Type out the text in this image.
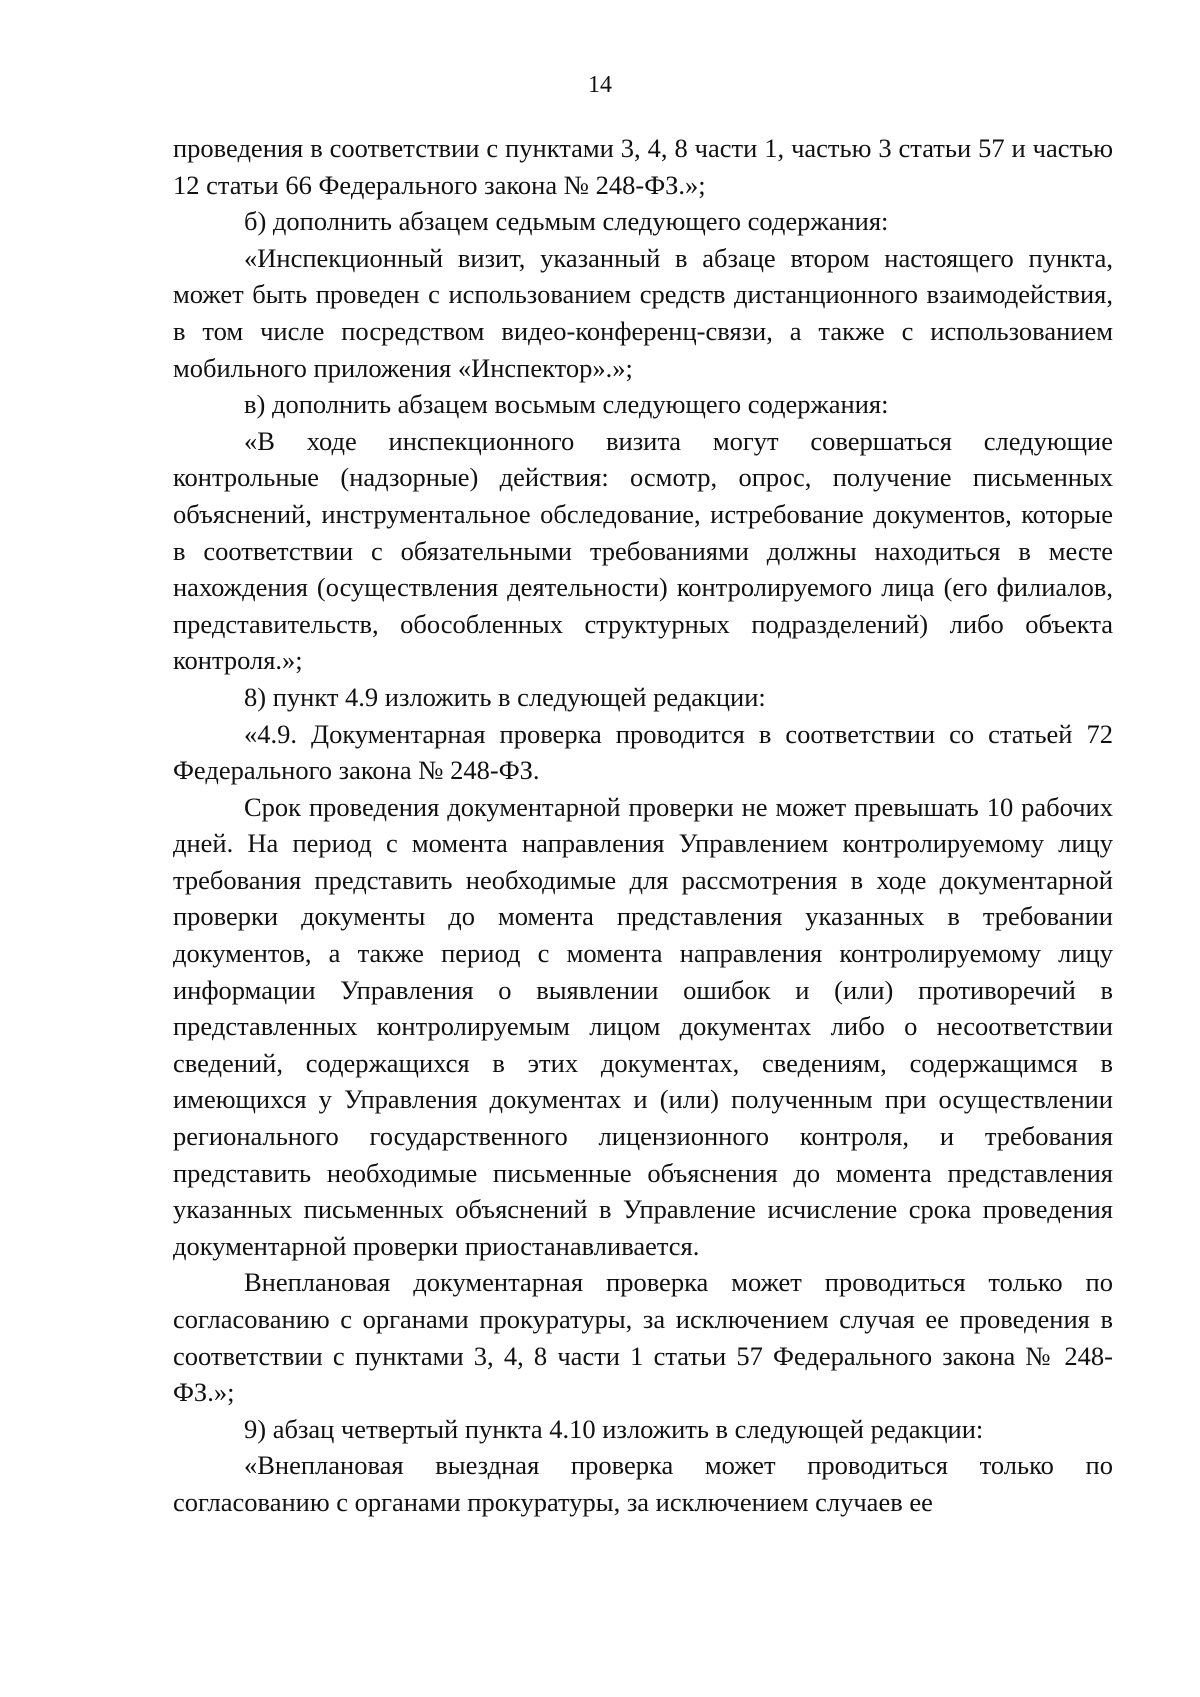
14

проведения в соответствии с пунктами 3, 4, 8 части 1, частью 3 статьи 57 и частью 12 статьи 66 Федерального закона № 248-ФЗ.»;

б) дополнить абзацем седьмым следующего содержания:

«Инспекционный визит, указанный в абзаце втором настоящего пункта, может быть проведен с использованием средств дистанционного взаимодействия, в том числе посредством видео-конференц-связи, а также с использованием мобильного приложения «Инспектор».»;

в) дополнить абзацем восьмым следующего содержания:

«В ходе инспекционного визита могут совершаться следующие контрольные (надзорные) действия: осмотр, опрос, получение письменных объяснений, инструментальное обследование, истребование документов, которые в соответствии с обязательными требованиями должны находиться в месте нахождения (осуществления деятельности) контролируемого лица (его филиалов, представительств, обособленных структурных подразделений) либо объекта контроля.»;

8) пункт 4.9 изложить в следующей редакции:

«4.9. Документарная проверка проводится в соответствии со статьей 72 Федерального закона № 248-ФЗ.

Срок проведения документарной проверки не может превышать 10 рабочих дней. На период с момента направления Управлением контролируемому лицу требования представить необходимые для рассмотрения в ходе документарной проверки документы до момента представления указанных в требовании документов, а также период с момента направления контролируемому лицу информации Управления о выявлении ошибок и (или) противоречий в представленных контролируемым лицом документах либо о несоответствии сведений, содержащихся в этих документах, сведениям, содержащимся в имеющихся у Управления документах и (или) полученным при осуществлении регионального государственного лицензионного контроля, и требования представить необходимые письменные объяснения до момента представления указанных письменных объяснений в Управление исчисление срока проведения документарной проверки приостанавливается.

Внеплановая документарная проверка может проводиться только по согласованию с органами прокуратуры, за исключением случая ее проведения в соответствии с пунктами 3, 4, 8 части 1 статьи 57 Федерального закона № 248-ФЗ.»;

9) абзац четвертый пункта 4.10 изложить в следующей редакции:

«Внеплановая выездная проверка может проводиться только по согласованию с органами прокуратуры, за исключением случаев ее
